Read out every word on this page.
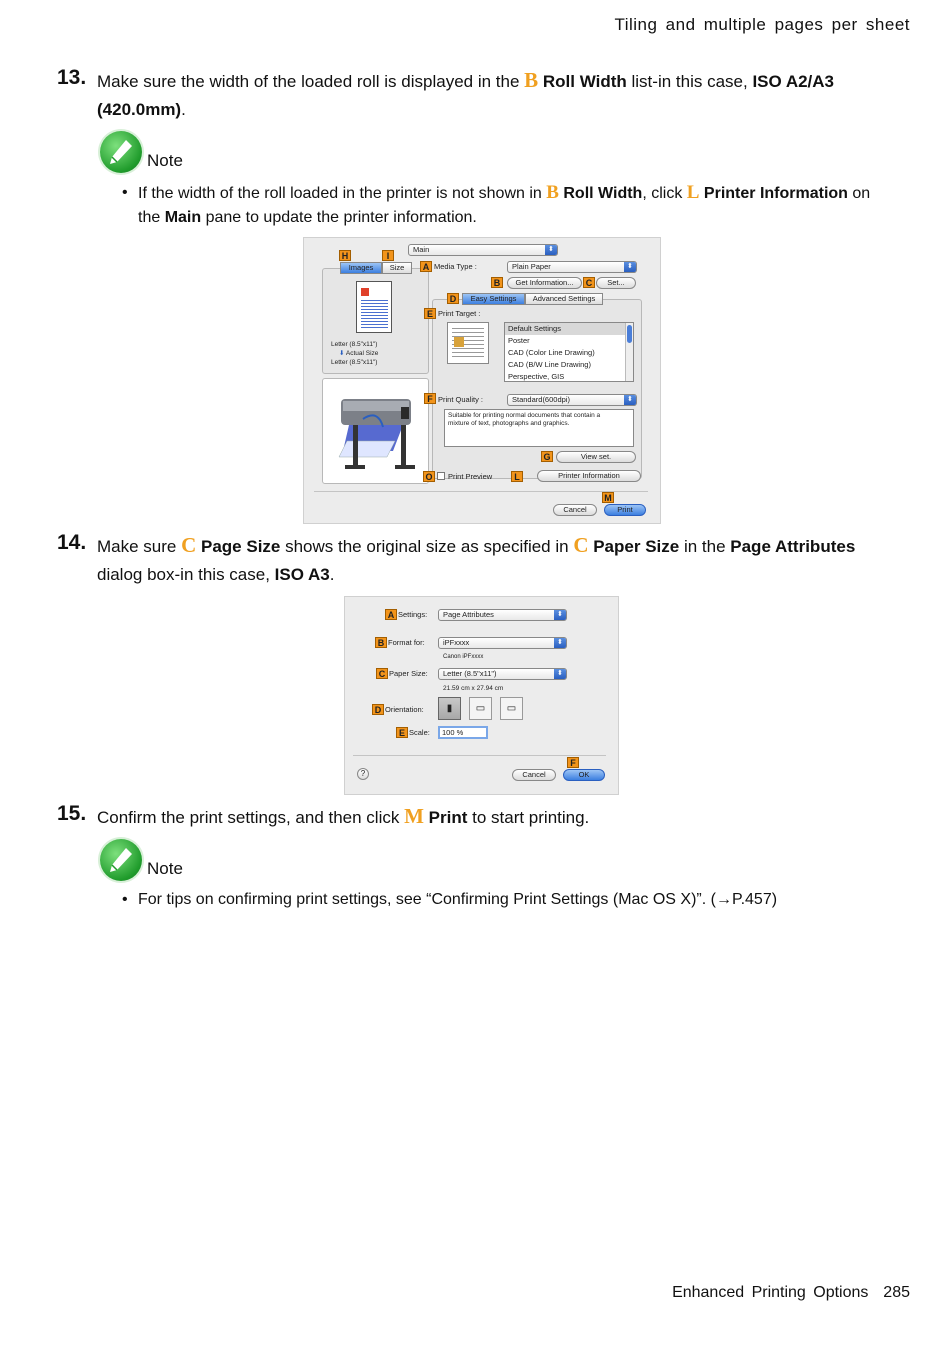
Tiling and multiple pages per sheet
13. Make sure the width of the loaded roll is displayed in the B Roll Width list-in this case, ISO A2/A3 (420.0mm).
Note
• If the width of the roll loaded in the printer is not shown in B Roll Width, click L Printer Information on the Main pane to update the printer information.
Main
⬍
H	I
Images	Size
Letter (8.5"x11")
⬇ Actual Size
Letter (8.5"x11")
A Media Type :	Plain Paper
⬍
B	Get Information...	C	Set...
D	Easy Settings	Advanced Settings
E Print Target :
Default Settings
Poster
CAD (Color Line Drawing)
CAD (B/W Line Drawing)
Perspective, GIS
F Print Quality :	Standard(600dpi)
⬍
Suitable for printing normal documents that contain a mixture of text, photographs and graphics.
G	View set.
O	Print Preview	L	Printer Information
M
Cancel	Print
14. Make sure C Page Size shows the original size as specified in C Paper Size in the Page Attributes dialog box-in this case, ISO A3.
A Settings:	Page Attributes
⬍
B Format for:	iPFxxxx
⬍
Canon iPFxxxx
C Paper Size:	Letter (8.5"x11")
⬍
21.59 cm x 27.94 cm
D Orientation:	▮	▭	▭
E Scale:	100 %
?
F
Cancel	OK
15. Confirm the print settings, and then click M Print to start printing.
Note
• For tips on confirming print settings, see “Confirming Print Settings (Mac OS X)”. (→P.457)
Enhanced Printing Options 285
